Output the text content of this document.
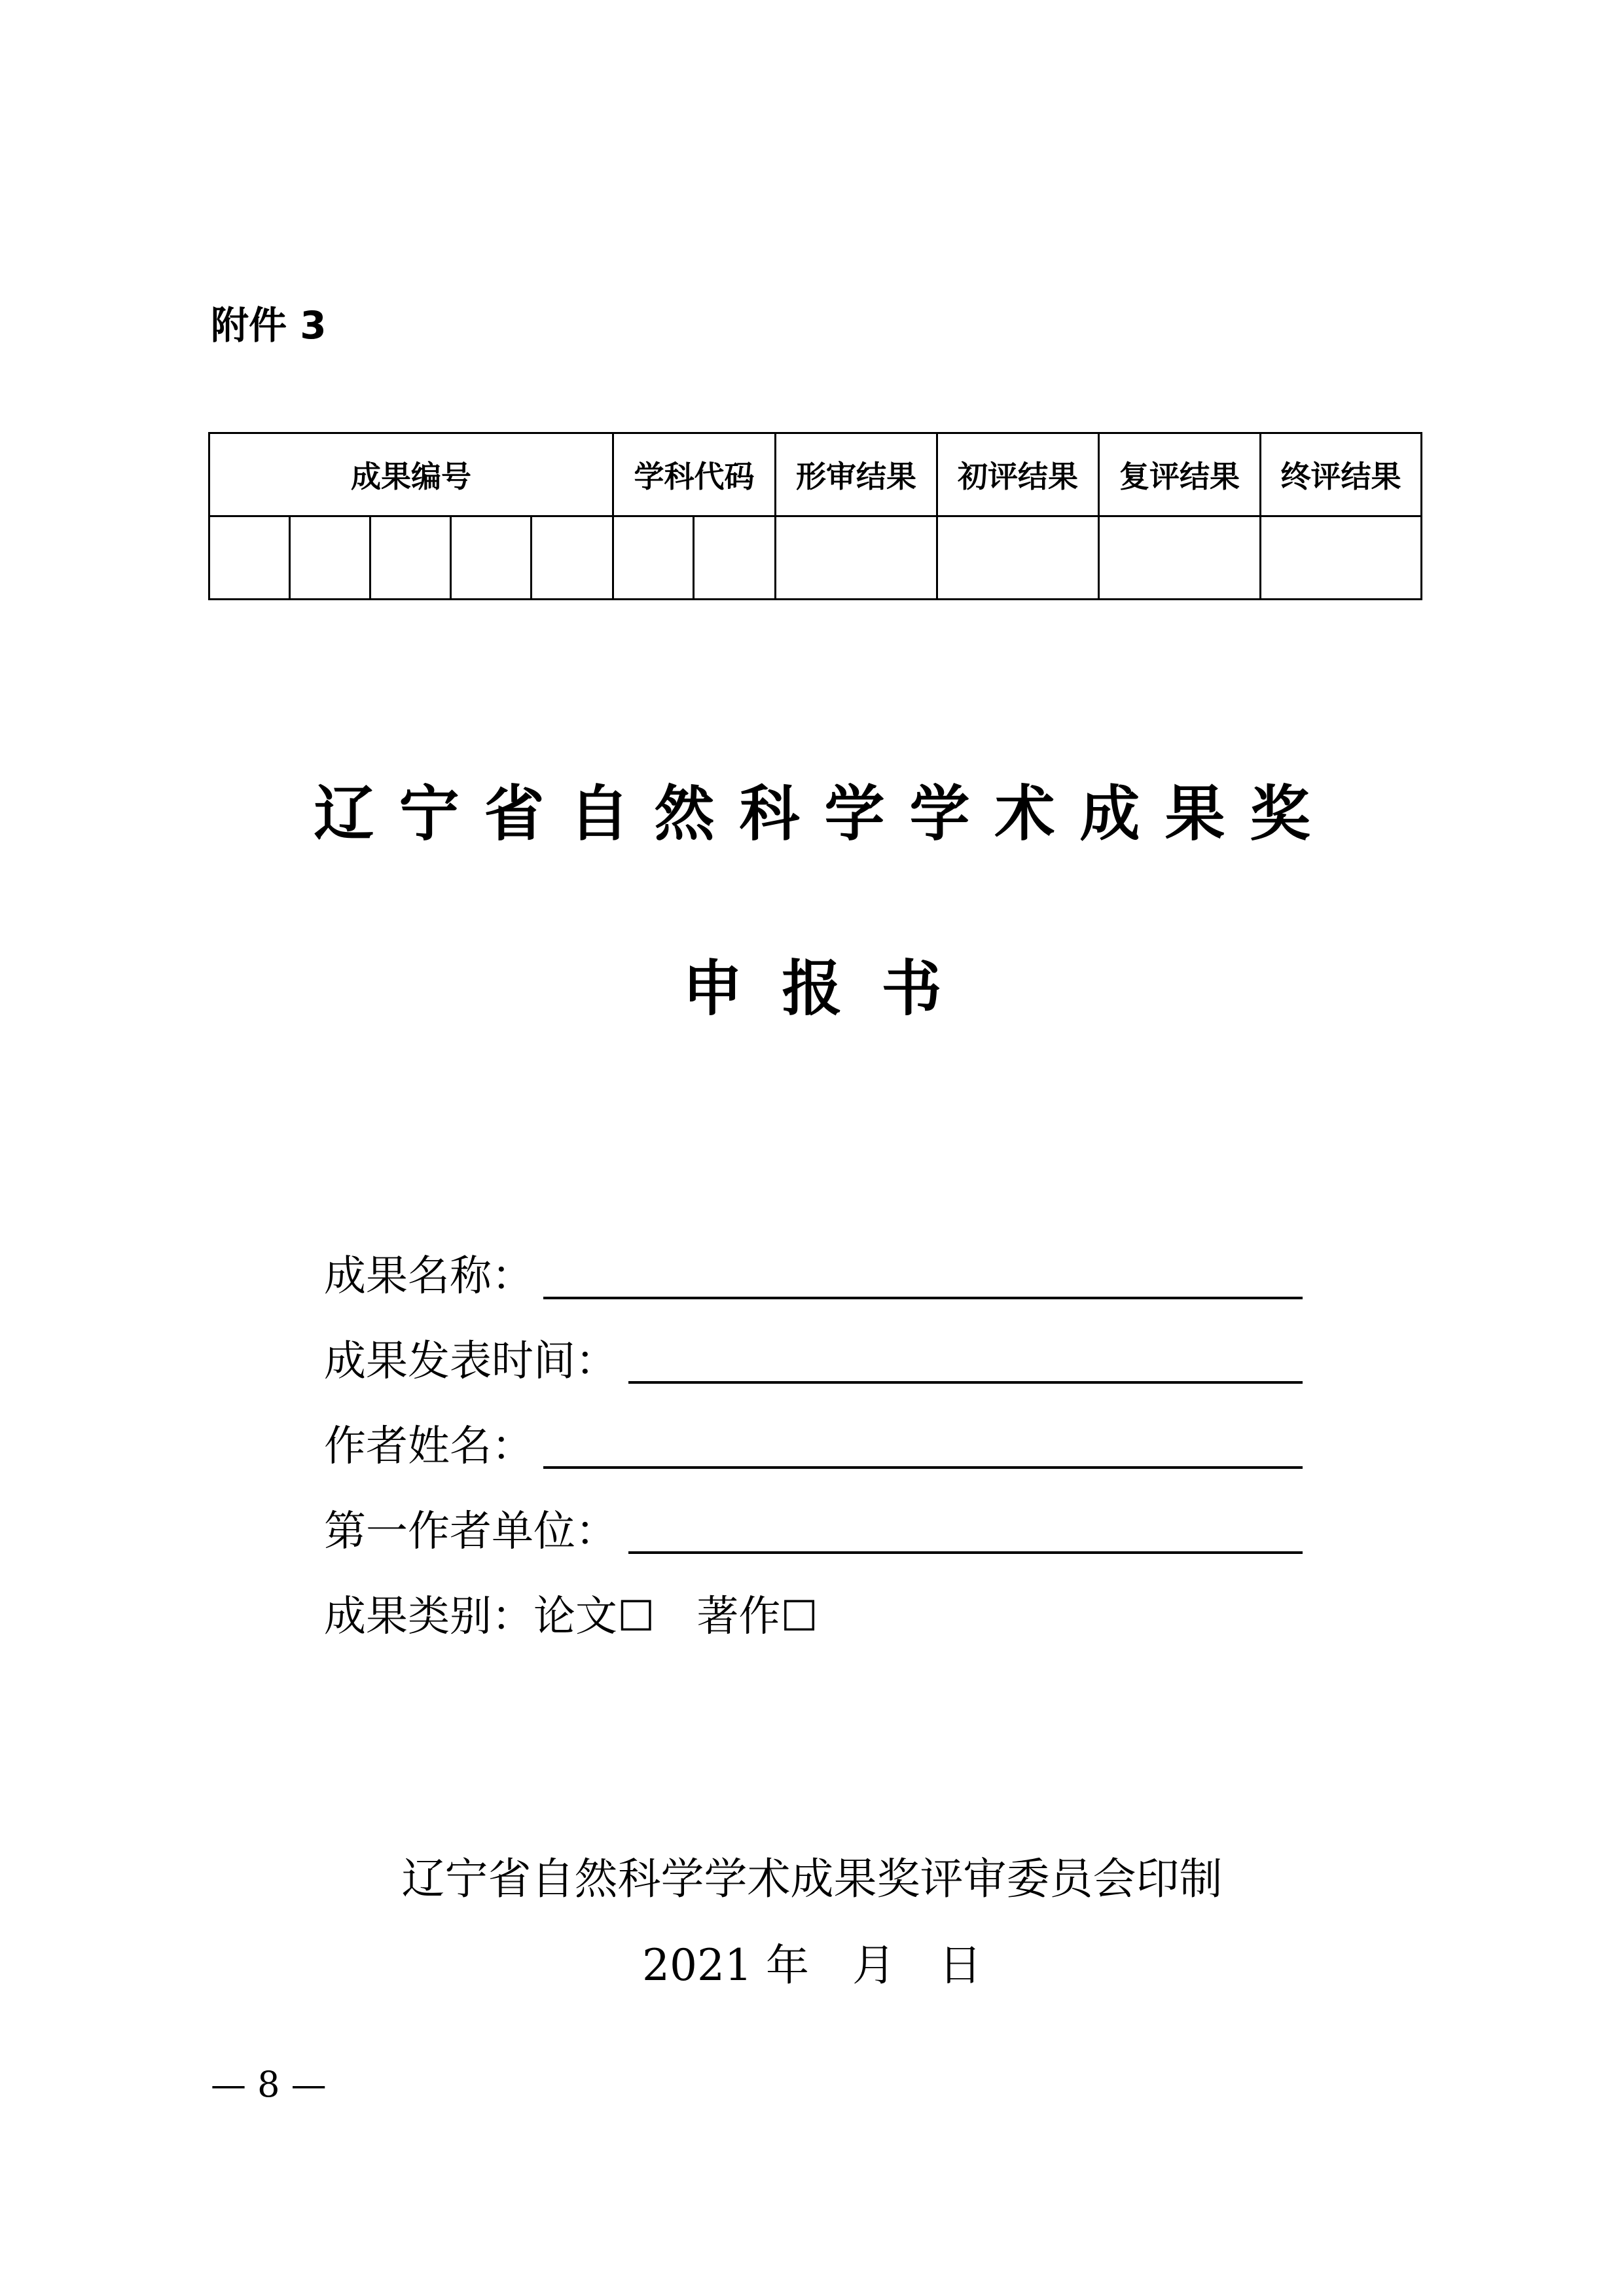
附件 3
成果编号					学科代码		形审结果	初评结果	复评结果	终评结果

辽宁省自然科学学术成果奖
申报书
成果名称：
成果发表时间：
作者姓名：
第一作者单位：
成果类别：论文☐　著作☐
辽宁省自然科学学术成果奖评审委员会印制
2021 年　月　日
— 8 —
